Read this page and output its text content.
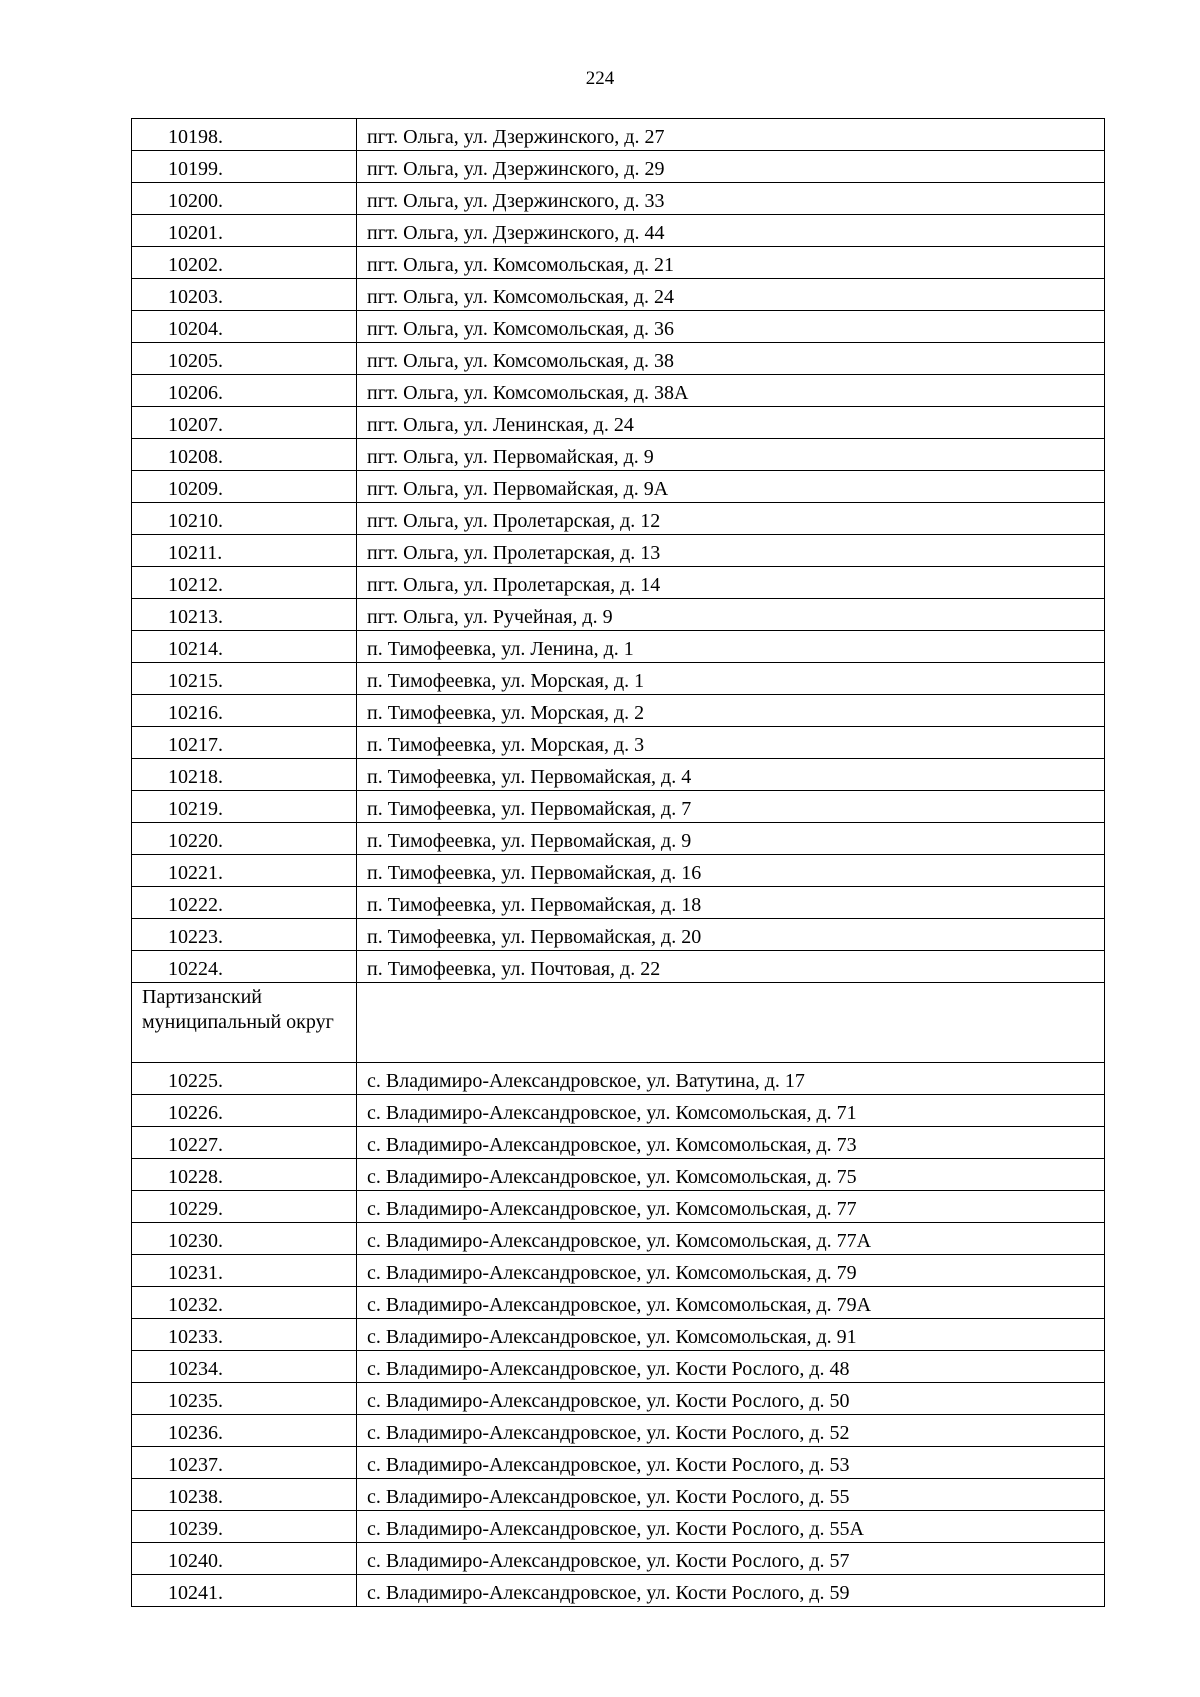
224
10198.	пгт. Ольга, ул. Дзержинского, д. 27
10199.	пгт. Ольга, ул. Дзержинского, д. 29
10200.	пгт. Ольга, ул. Дзержинского, д. 33
10201.	пгт. Ольга, ул. Дзержинского, д. 44
10202.	пгт. Ольга, ул. Комсомольская, д. 21
10203.	пгт. Ольга, ул. Комсомольская, д. 24
10204.	пгт. Ольга, ул. Комсомольская, д. 36
10205.	пгт. Ольга, ул. Комсомольская, д. 38
10206.	пгт. Ольга, ул. Комсомольская, д. 38А
10207.	пгт. Ольга, ул. Ленинская, д. 24
10208.	пгт. Ольга, ул. Первомайская, д. 9
10209.	пгт. Ольга, ул. Первомайская, д. 9А
10210.	пгт. Ольга, ул. Пролетарская, д. 12
10211.	пгт. Ольга, ул. Пролетарская, д. 13
10212.	пгт. Ольга, ул. Пролетарская, д. 14
10213.	пгт. Ольга, ул. Ручейная, д. 9
10214.	п. Тимофеевка, ул. Ленина, д. 1
10215.	п. Тимофеевка, ул. Морская, д. 1
10216.	п. Тимофеевка, ул. Морская, д. 2
10217.	п. Тимофеевка, ул. Морская, д. 3
10218.	п. Тимофеевка, ул. Первомайская, д. 4
10219.	п. Тимофеевка, ул. Первомайская, д. 7
10220.	п. Тимофеевка, ул. Первомайская, д. 9
10221.	п. Тимофеевка, ул. Первомайская, д. 16
10222.	п. Тимофеевка, ул. Первомайская, д. 18
10223.	п. Тимофеевка, ул. Первомайская, д. 20
10224.	п. Тимофеевка, ул. Почтовая, д. 22
Партизанский муниципальный округ	
10225.	с. Владимиро-Александровское, ул. Ватутина, д. 17
10226.	с. Владимиро-Александровское, ул. Комсомольская, д. 71
10227.	с. Владимиро-Александровское, ул. Комсомольская, д. 73
10228.	с. Владимиро-Александровское, ул. Комсомольская, д. 75
10229.	с. Владимиро-Александровское, ул. Комсомольская, д. 77
10230.	с. Владимиро-Александровское, ул. Комсомольская, д. 77А
10231.	с. Владимиро-Александровское, ул. Комсомольская, д. 79
10232.	с. Владимиро-Александровское, ул. Комсомольская, д. 79А
10233.	с. Владимиро-Александровское, ул. Комсомольская, д. 91
10234.	с. Владимиро-Александровское, ул. Кости Рослого, д. 48
10235.	с. Владимиро-Александровское, ул. Кости Рослого, д. 50
10236.	с. Владимиро-Александровское, ул. Кости Рослого, д. 52
10237.	с. Владимиро-Александровское, ул. Кости Рослого, д. 53
10238.	с. Владимиро-Александровское, ул. Кости Рослого, д. 55
10239.	с. Владимиро-Александровское, ул. Кости Рослого, д. 55А
10240.	с. Владимиро-Александровское, ул. Кости Рослого, д. 57
10241.	с. Владимиро-Александровское, ул. Кости Рослого, д. 59
